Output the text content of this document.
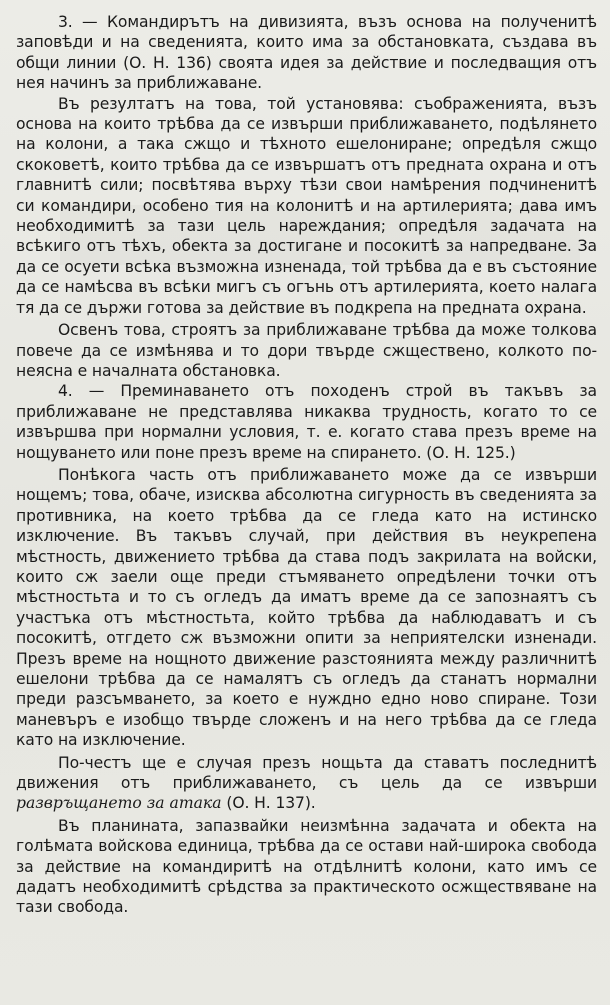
3. — Командирътъ на дивизията, възъ основа на полученитѣ заповѣди и на сведенията, които има за обстановката, създава въ общи линии (О. Н. 136) своята идея за действие и последващия отъ нея начинъ за приближаване.

Въ резултатъ на това, той установява: съображенията, възъ основа на които трѣбва да се извърши приближаването, подѣлянето на колони, а така сжщо и тѣхното ешелониране; опредѣля сжщо скоковетѣ, които трѣбва да се извършатъ отъ предната охрана и отъ главнитѣ сили; посвѣтява върху тѣзи свои намѣрения подчиненитѣ си командири, особено тия на колонитѣ и на артилерията; дава имъ необходимитѣ за тази цель нареждания; опредѣля задачата на всѣкиго отъ тѣхъ, обекта за достигане и посокитѣ за напредване. За да се осуети всѣка възможна изненада, той трѣбва да е въ състояние да се намѣсва въ всѣки мигъ съ огънь отъ артилерията, което налага тя да се държи готова за действие въ подкрепа на предната охрана.

Освенъ това, строятъ за приближаване трѣбва да може толкова повече да се измѣнява и то дори твърде сжществено, колкото по-неясна е началната обстановка.

4. — Преминаването отъ походенъ строй въ такъвъ за приближаване не представлява никаква трудность, когато то се извършва при нормални условия, т. е. когато става презъ време на нощуването или поне презъ време на спирането. (О. Н. 125.)

Понѣкога часть отъ приближаването може да се извърши нощемъ; това, обаче, изисква абсолютна сигурность въ сведенията за противника, на което трѣбва да се гледа като на истинско изключение. Въ такъвъ случай, при действия въ неукрепена мѣстность, движението трѣбва да става подъ закрилата на войски, които сж заели още преди стъмяването опредѣлени точки отъ мѣстностьта и то съ огледъ да иматъ време да се запознаятъ съ участъка отъ мѣстностьта, който трѣбва да наблюдаватъ и съ посокитѣ, отгдето сж възможни опити за неприятелски изненади. Презъ време на нощното движение разстоянията между различнитѣ ешелони трѣбва да се намалятъ съ огледъ да станатъ нормални преди разсъмването, за което е нуждно едно ново спиране. Този маневъръ е изобщо твърде сложенъ и на него трѣбва да се гледа като на изключение.

По-честъ ще е случая презъ нощьта да ставатъ последнитѣ движения отъ приближаването, съ цель да се извърши развръщането за атака (О. Н. 137).

Въ планината, запазвайки неизмѣнна задачата и обекта на голѣмата войскова единица, трѣбва да се остави най-широка свобода за действие на командиритѣ на отдѣлнитѣ колони, като имъ се дадатъ необходимитѣ срѣдства за практическото осжществяване на тази свобода.
